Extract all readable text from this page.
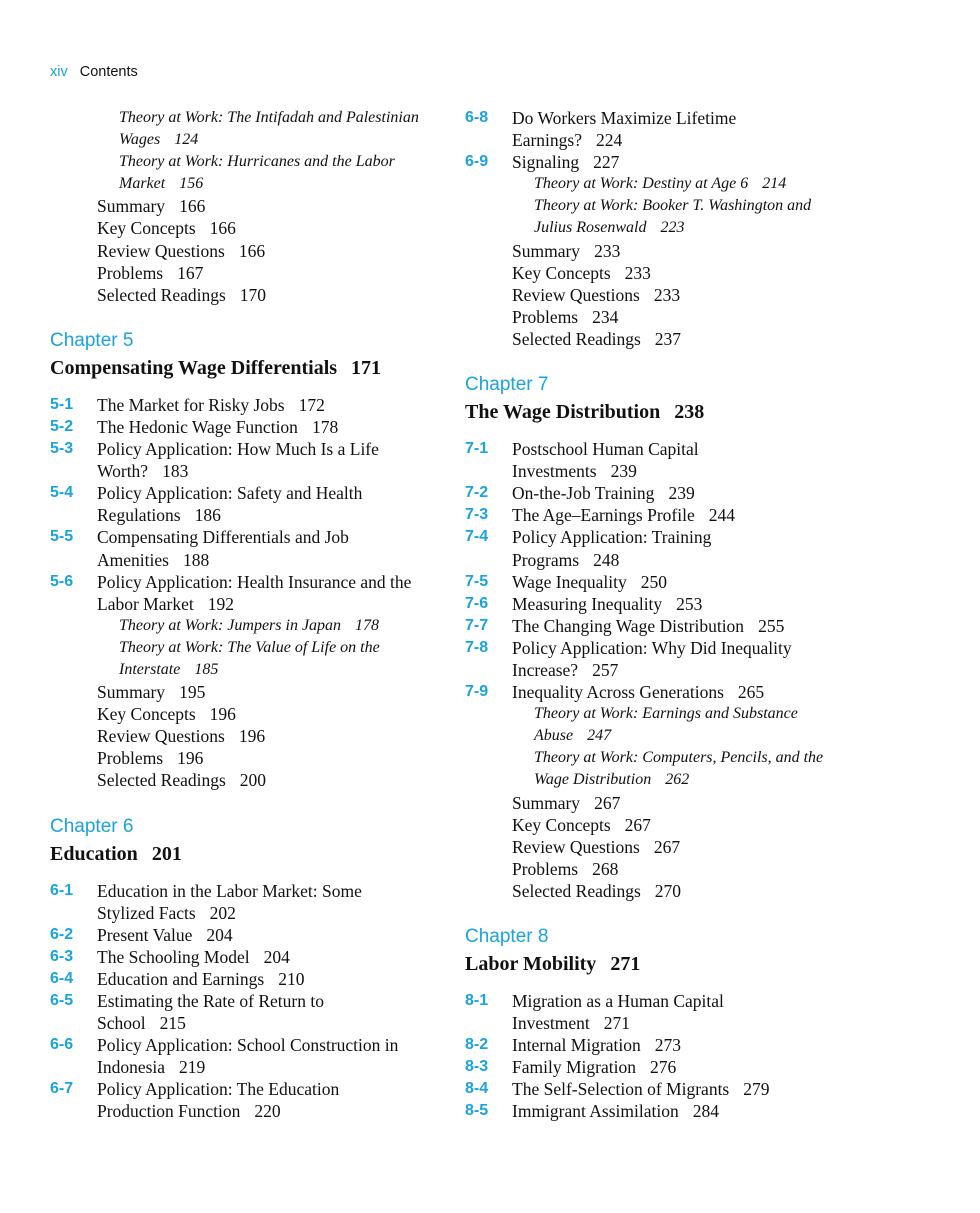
xiv Contents
Theory at Work: The Intifadah and Palestinian
Wages 124
Theory at Work: Hurricanes and the Labor
Market 156
Summary 166
Key Concepts 166
Review Questions 166
Problems 167
Selected Readings 170
Chapter 5
Compensating Wage Differentials 171
5-1	The Market for Risky Jobs 172
5-2	The Hedonic Wage Function 178
5-3	Policy Application: How Much Is a Life
Worth? 183
5-4	Policy Application: Safety and Health
Regulations 186
5-5	Compensating Differentials and Job
Amenities 188
5-6	Policy Application: Health Insurance and the
Labor Market 192
Theory at Work: Jumpers in Japan 178
Theory at Work: The Value of Life on the
Interstate 185
Summary 195
Key Concepts 196
Review Questions 196
Problems 196
Selected Readings 200
Chapter 6
Education 201
6-1	Education in the Labor Market: Some
Stylized Facts 202
6-2	Present Value 204
6-3	The Schooling Model 204
6-4	Education and Earnings 210
6-5	Estimating the Rate of Return to
School 215
6-6	Policy Application: School Construction in
Indonesia 219
6-7	Policy Application: The Education
Production Function 220
6-8	Do Workers Maximize Lifetime
Earnings? 224
6-9	Signaling 227
Theory at Work: Destiny at Age 6 214
Theory at Work: Booker T. Washington and
Julius Rosenwald 223
Summary 233
Key Concepts 233
Review Questions 233
Problems 234
Selected Readings 237
Chapter 7
The Wage Distribution 238
7-1	Postschool Human Capital
Investments 239
7-2	On-the-Job Training 239
7-3	The Age–Earnings Profile 244
7-4	Policy Application: Training
Programs 248
7-5	Wage Inequality 250
7-6	Measuring Inequality 253
7-7	The Changing Wage Distribution 255
7-8	Policy Application: Why Did Inequality
Increase? 257
7-9	Inequality Across Generations 265
Theory at Work: Earnings and Substance
Abuse 247
Theory at Work: Computers, Pencils, and the
Wage Distribution 262
Summary 267
Key Concepts 267
Review Questions 267
Problems 268
Selected Readings 270
Chapter 8
Labor Mobility 271
8-1	Migration as a Human Capital
Investment 271
8-2	Internal Migration 273
8-3	Family Migration 276
8-4	The Self-Selection of Migrants 279
8-5	Immigrant Assimilation 284
